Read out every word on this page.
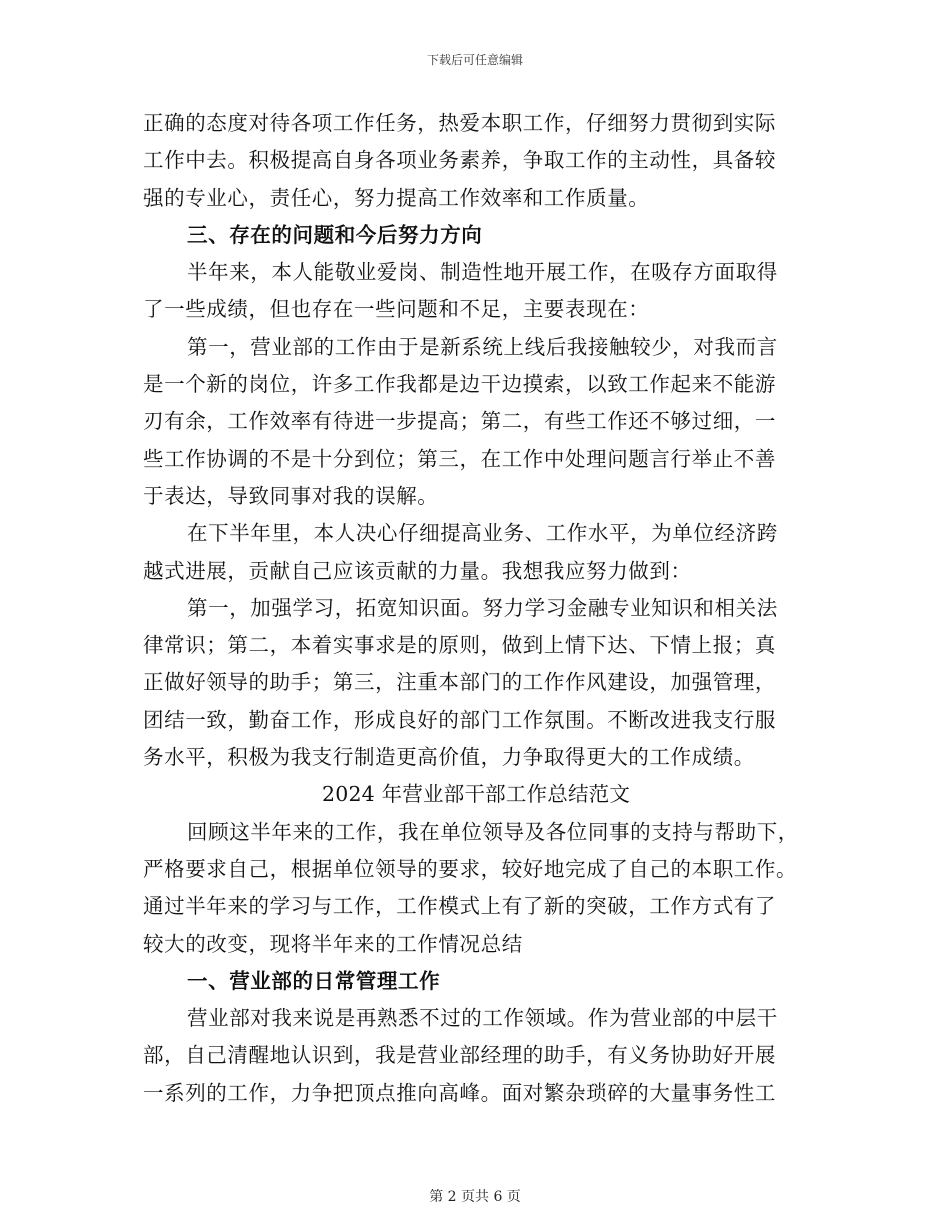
下载后可任意编辑
正确的态度对待各项工作任务，热爱本职工作，仔细努力贯彻到实际
工作中去。积极提高自身各项业务素养，争取工作的主动性，具备较
强的专业心，责任心，努力提高工作效率和工作质量。
三、存在的问题和今后努力方向
半年来，本人能敬业爱岗、制造性地开展工作，在吸存方面取得
了一些成绩，但也存在一些问题和不足，主要表现在：
第一，营业部的工作由于是新系统上线后我接触较少，对我而言
是一个新的岗位，许多工作我都是边干边摸索，以致工作起来不能游
刃有余，工作效率有待进一步提高；第二，有些工作还不够过细，一
些工作协调的不是十分到位；第三，在工作中处理问题言行举止不善
于表达，导致同事对我的误解。
在下半年里，本人决心仔细提高业务、工作水平，为单位经济跨
越式进展，贡献自己应该贡献的力量。我想我应努力做到：
第一，加强学习，拓宽知识面。努力学习金融专业知识和相关法
律常识；第二，本着实事求是的原则，做到上情下达、下情上报；真
正做好领导的助手；第三，注重本部门的工作作风建设，加强管理，
团结一致，勤奋工作，形成良好的部门工作氛围。不断改进我支行服
务水平，积极为我支行制造更高价值，力争取得更大的工作成绩。
2024 年营业部干部工作总结范文
回顾这半年来的工作，我在单位领导及各位同事的支持与帮助下，
严格要求自己，根据单位领导的要求，较好地完成了自己的本职工作。
通过半年来的学习与工作，工作模式上有了新的突破，工作方式有了
较大的改变，现将半年来的工作情况总结
一、营业部的日常管理工作
营业部对我来说是再熟悉不过的工作领域。作为营业部的中层干
部，自己清醒地认识到，我是营业部经理的助手，有义务协助好开展
一系列的工作，力争把顶点推向高峰。面对繁杂琐碎的大量事务性工
第 2 页共 6 页
